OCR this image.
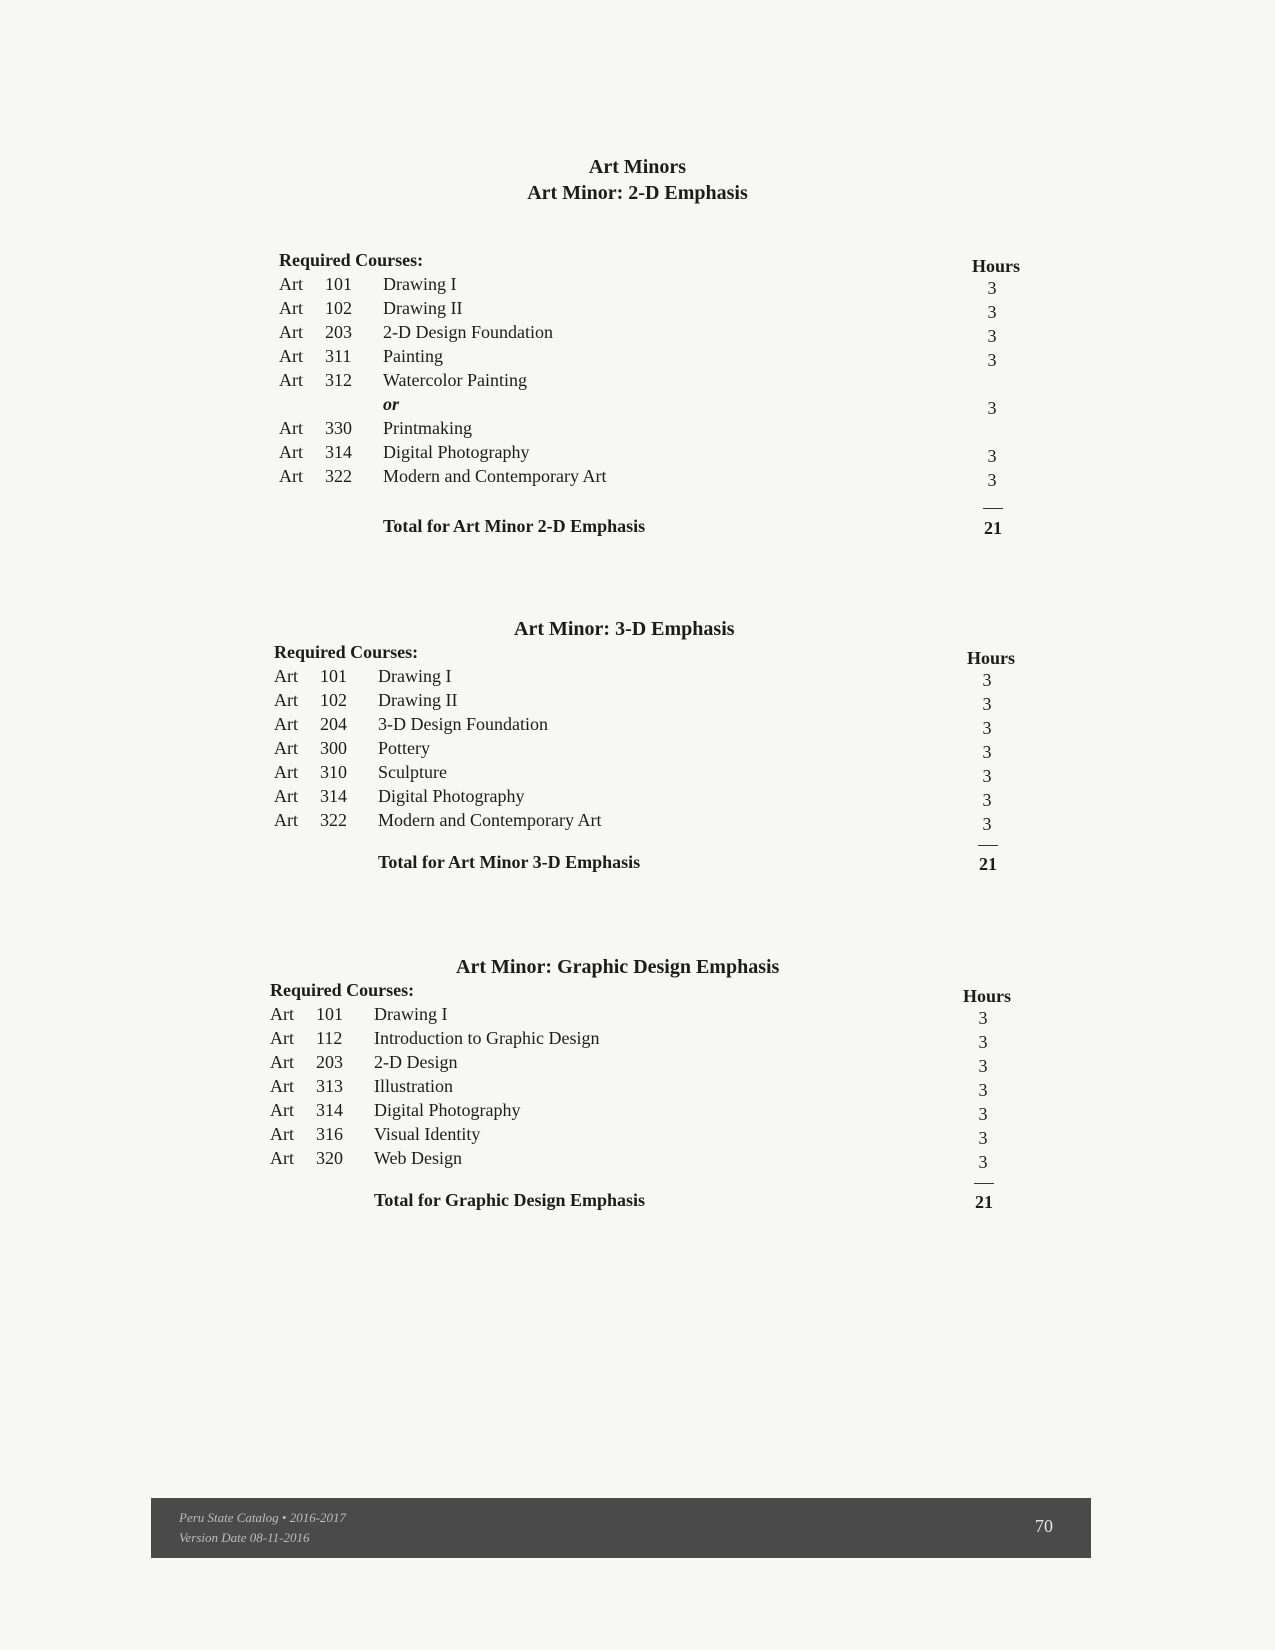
Art Minors
Art Minor: 2-D Emphasis
Required Courses:	Hours
Art 101 Drawing I	3
Art 102 Drawing II	3
Art 203 2-D Design Foundation	3
Art 311 Painting	3
Art 312 Watercolor Painting
or	3
Art 330 Printmaking
Art 314 Digital Photography	3
Art 322 Modern and Contemporary Art	3
Total for Art Minor 2-D Emphasis	21
Art Minor: 3-D Emphasis
Required Courses:	Hours
Art 101 Drawing I	3
Art 102 Drawing II	3
Art 204 3-D Design Foundation	3
Art 300 Pottery	3
Art 310 Sculpture	3
Art 314 Digital Photography	3
Art 322 Modern and Contemporary Art	3
Total for Art Minor 3-D Emphasis	21
Art Minor: Graphic Design Emphasis
Required Courses:	Hours
Art 101 Drawing I	3
Art 112 Introduction to Graphic Design	3
Art 203 2-D Design	3
Art 313 Illustration	3
Art 314 Digital Photography	3
Art 316 Visual Identity	3
Art 320 Web Design	3
Total for Graphic Design Emphasis	21
Peru State Catalog • 2016-2017
Version Date 08-11-2016
70
